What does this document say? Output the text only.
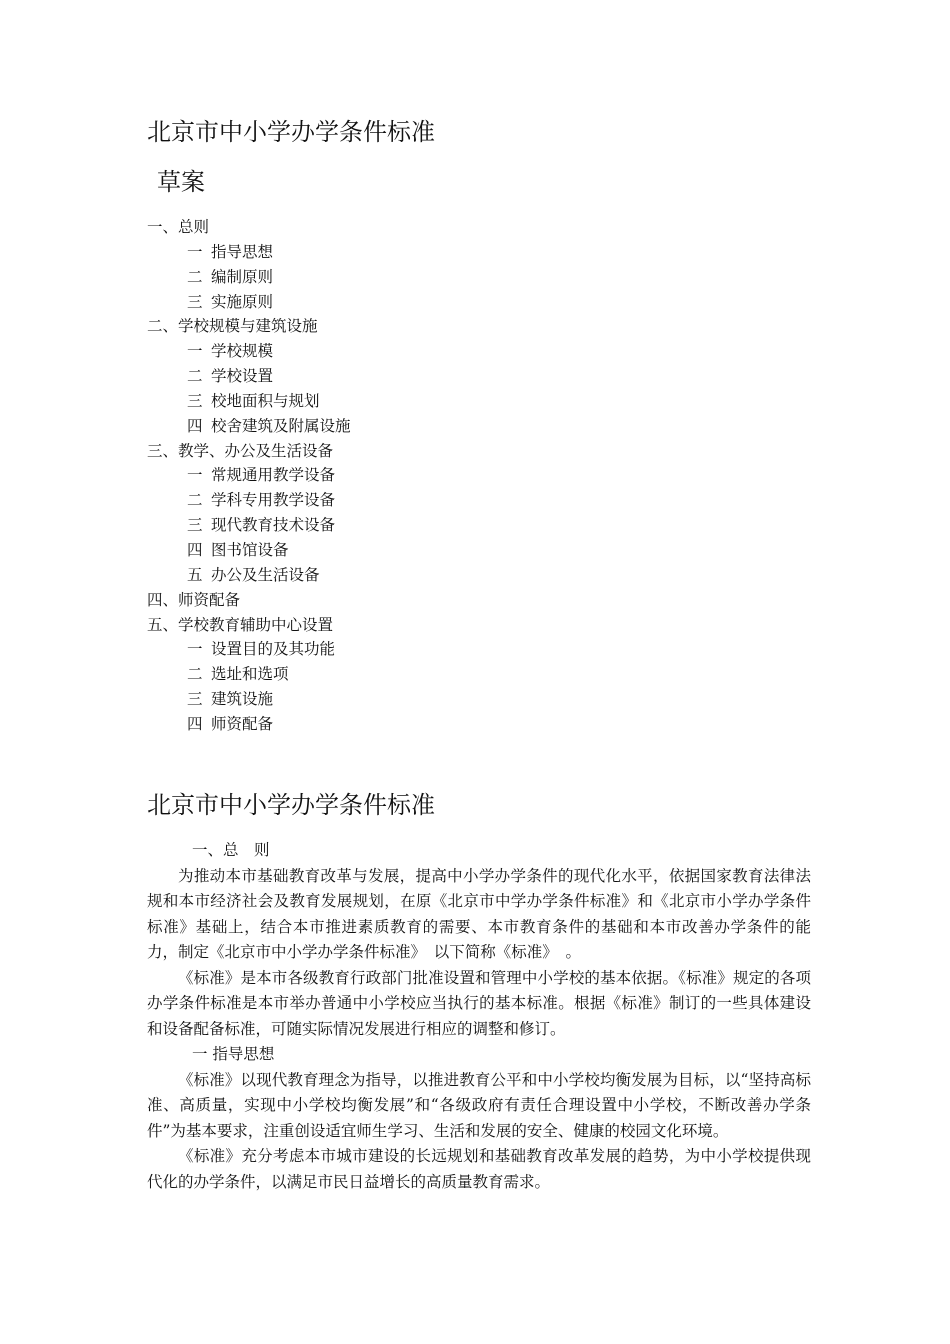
北京市中小学办学条件标准
草案
一、总则
一 指导思想
二 编制原则
三 实施原则
二、学校规模与建筑设施
一 学校规模
二 学校设置
三 校地面积与规划
四 校舍建筑及附属设施
三、教学、办公及生活设备
一 常规通用教学设备
二 学科专用教学设备
三 现代教育技术设备
四 图书馆设备
五 办公及生活设备
四、师资配备
五、学校教育辅助中心设置
一 设置目的及其功能
二 选址和选项
三 建筑设施
四 师资配备
北京市中小学办学条件标准

一、总　则

为推动本市基础教育改革与发展，提高中小学办学条件的现代化水平，依据国家教育法律法规和本市经济社会及教育发展规划，在原《北京市中学办学条件标准》和《北京市小学办学条件标准》基础上，结合本市推进素质教育的需要、本市教育条件的基础和本市改善办学条件的能力，制定《北京市中小学办学条件标准》　以下简称《标准》　。

《标准》是本市各级教育行政部门批准设置和管理中小学校的基本依据。《标准》规定的各项办学条件标准是本市举办普通中小学校应当执行的基本标准。根据《标准》制订的一些具体建设和设备配备标准，可随实际情况发展进行相应的调整和修订。

一 指导思想

《标准》以现代教育理念为指导，以推进教育公平和中小学校均衡发展为目标，以“坚持高标准、高质量，实现中小学校均衡发展”和“各级政府有责任合理设置中小学校，不断改善办学条件”为基本要求，注重创设适宜师生学习、生活和发展的安全、健康的校园文化环境。

《标准》充分考虑本市城市建设的长远规划和基础教育改革发展的趋势，为中小学校提供现代化的办学条件，以满足市民日益增长的高质量教育需求。
